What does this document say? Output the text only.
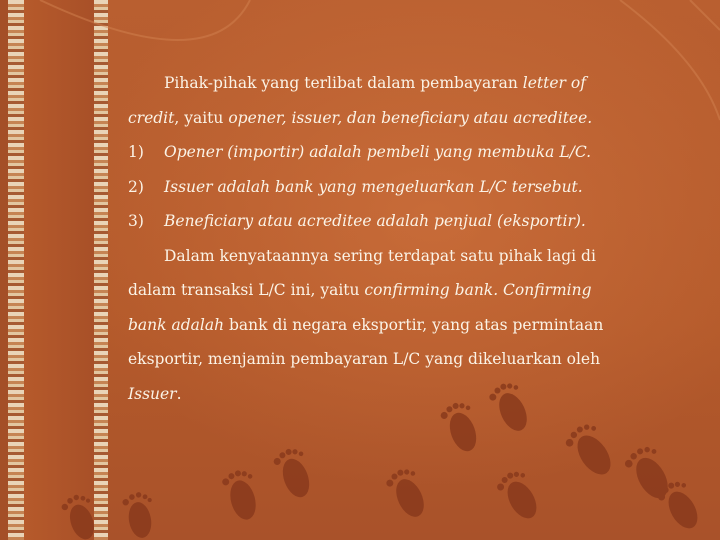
Pihak-pihak yang terlibat dalam pembayaran letter of
credit, yaitu opener, issuer, dan beneficiary atau acreditee.
1) Opener (importir) adalah pembeli yang membuka L/C.
2) Issuer adalah bank yang mengeluarkan L/C tersebut.
3) Beneficiary atau acreditee adalah penjual (eksportir).
Dalam kenyataannya sering terdapat satu pihak lagi di
dalam transaksi L/C ini, yaitu confirming bank. Confirming
bank adalah bank di negara eksportir, yang atas permintaan
eksportir, menjamin pembayaran L/C yang dikeluarkan oleh
Issuer.
